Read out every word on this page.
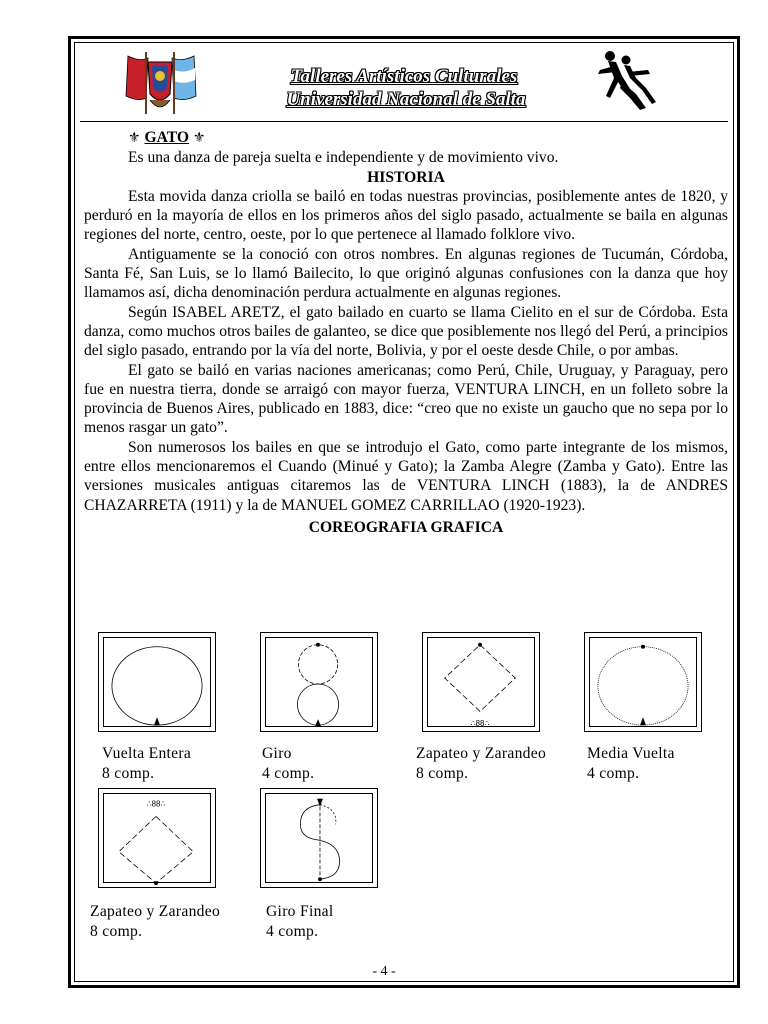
Talleres Artísticos Culturales
Universidad Nacional de Salta

⚜ GATO ⚜

Es una danza de pareja suelta e independiente y de movimiento vivo.

HISTORIA

Esta movida danza criolla se bailó en todas nuestras provincias, posiblemente antes de 1820, y perduró en la mayoría de ellos en los primeros años del siglo pasado, actualmente se baila en algunas regiones del norte, centro, oeste, por lo que pertenece al llamado folklore vivo.

Antiguamente se la conoció con otros nombres. En algunas regiones de Tucumán, Córdoba, Santa Fé, San Luis, se lo llamó Bailecito, lo que originó algunas confusiones con la danza que hoy llamamos así, dicha denominación perdura actualmente en algunas regiones.

Según ISABEL ARETZ, el gato bailado en cuarto se llama Cielito en el sur de Córdoba. Esta danza, como muchos otros bailes de galanteo, se dice que posiblemente nos llegó del Perú, a principios del siglo pasado, entrando por la vía del norte, Bolivia, y por el oeste desde Chile, o por ambas.

El gato se bailó en varias naciones americanas; como Perú, Chile, Uruguay, y Paraguay, pero fue en nuestra tierra, donde se arraigó con mayor fuerza, VENTURA LINCH, en un folleto sobre la provincia de Buenos Aires, publicado en 1883, dice: “creo que no existe un gaucho que no sepa por lo menos rasgar un gato”.

Son numerosos los bailes en que se introdujo el Gato, como parte integrante de los mismos, entre ellos mencionaremos el Cuando (Minué y Gato); la Zamba Alegre (Zamba y Gato). Entre las versiones musicales antiguas citaremos las de VENTURA LINCH (1883), la de ANDRES CHAZARRETA (1911) y la de MANUEL GOMEZ CARRILLAO (1920-1923).

COREOGRAFIA GRAFICA

∴88∴
Vuelta Entera
8 comp.
Giro
4 comp.
Zapateo y Zarandeo
8 comp.
Media Vuelta
4 comp.
∴88∴
Zapateo y Zarandeo
8 comp.
Giro Final
4 comp.
- 4 -
